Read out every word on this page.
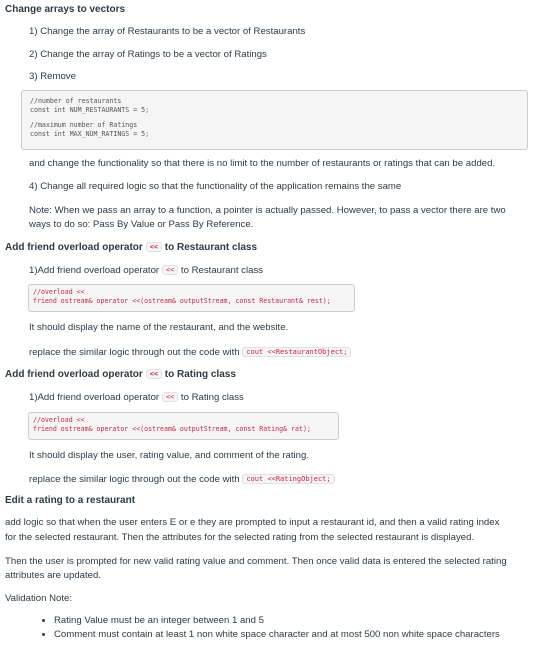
Change arrays to vectors
1) Change the array of Restaurants to be a vector of Restaurants
2) Change the array of Ratings to be a vector of Ratings
3) Remove
//number of restaurants
const int NUM_RESTAURANTS = 5;
//maximum number of Ratings
const int MAX_NUM_RATINGS = 5;
and change the functionality so that there is no limit to the number of restaurants or ratings that can be added.
4) Change all required logic so that the functionality of the application remains the same
Note: When we pass an array to a function, a pointer is actually passed. However, to pass a vector there are two
ways to do so: Pass By Value or Pass By Reference.
Add friend overload operator << to Restaurant class
1)Add friend overload operator << to Restaurant class
//overload <<
friend ostream& operator <<(ostream& outputStream, const Restaurant& rest);
It should display the name of the restaurant, and the website.
replace the similar logic through out the code with cout <<RestaurantObject;
Add friend overload operator << to Rating class
1)Add friend overload operator << to Rating class
//overload <<
friend ostream& operator <<(ostream& outputStream, const Rating& rat);
It should display the user, rating value, and comment of the rating.
replace the similar logic through out the code with cout <<RatingObject;
Edit a rating to a restaurant
add logic so that when the user enters E or e they are prompted to input a restaurant id, and then a valid rating index
for the selected restaurant. Then the attributes for the selected rating from the selected restaurant is displayed.
Then the user is prompted for new valid rating value and comment. Then once valid data is entered the selected rating
attributes are updated.
Validation Note:
• Rating Value must be an integer between 1 and 5
• Comment must contain at least 1 non white space character and at most 500 non white space characters
